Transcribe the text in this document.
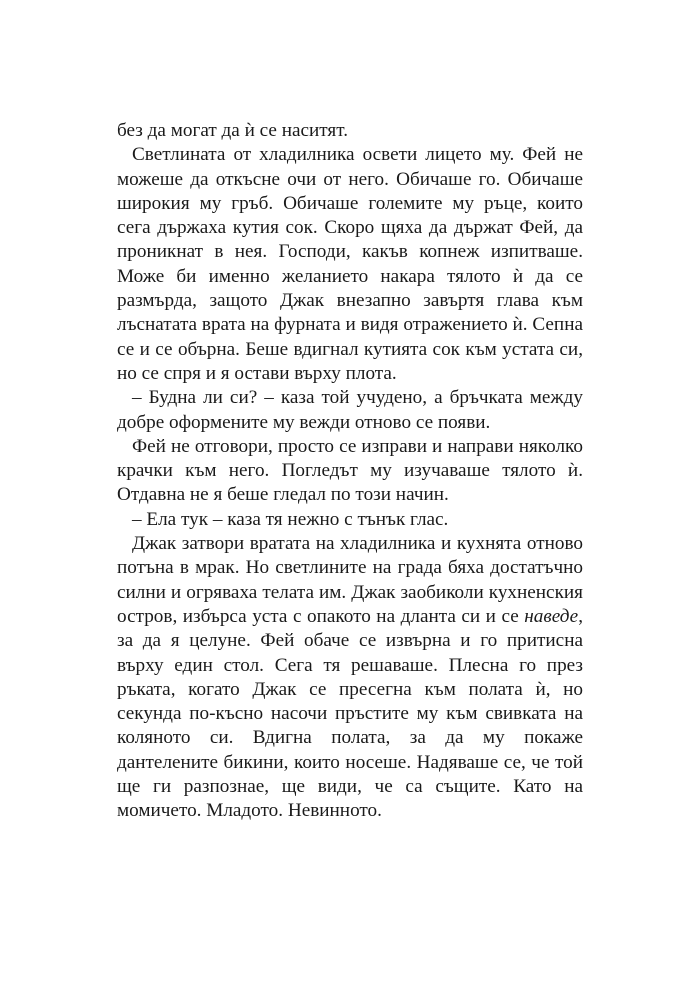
без да могат да ѝ се наситят.

Светлината от хладилника освети лицето му. Фей не можеше да откъсне очи от него. Обичаше го. Обичаше широкия му гръб. Обичаше големите му ръце, които сега държаха кутия сок. Скоро щяха да държат Фей, да проникнат в нея. Господи, какъв копнеж изпитваше. Може би именно желанието накара тялото ѝ да се размърда, защото Джак внезапно завъртя глава към лъснатата врата на фурната и видя отражението ѝ. Сепна се и се обърна. Беше вдигнал кутията сок към устата си, но се спря и я остави върху плота.

– Будна ли си? – каза той учудено, а бръчката между добре оформените му вежди отново се появи.

Фей не отговори, просто се изправи и направи няколко крачки към него. Погледът му изучаваше тялото ѝ. Отдавна не я беше гледал по този начин.

– Ела тук – каза тя нежно с тънък глас.

Джак затвори вратата на хладилника и кухнята отново потъна в мрак. Но светлините на града бяха достатъчно силни и огряваха телата им. Джак заобиколи кухненския остров, избърса уста с опакото на дланта си и се наведе, за да я целуне. Фей обаче се извърна и го притисна върху един стол. Сега тя решаваше. Плесна го през ръката, когато Джак се пресегна към полата ѝ, но секунда по-късно насочи пръстите му към свивката на коляното си. Вдигна полата, за да му покаже дантелените бикини, които носеше. Надяваше се, че той ще ги разпознае, ще види, че са същите. Като на момичето. Младото. Невинното.
